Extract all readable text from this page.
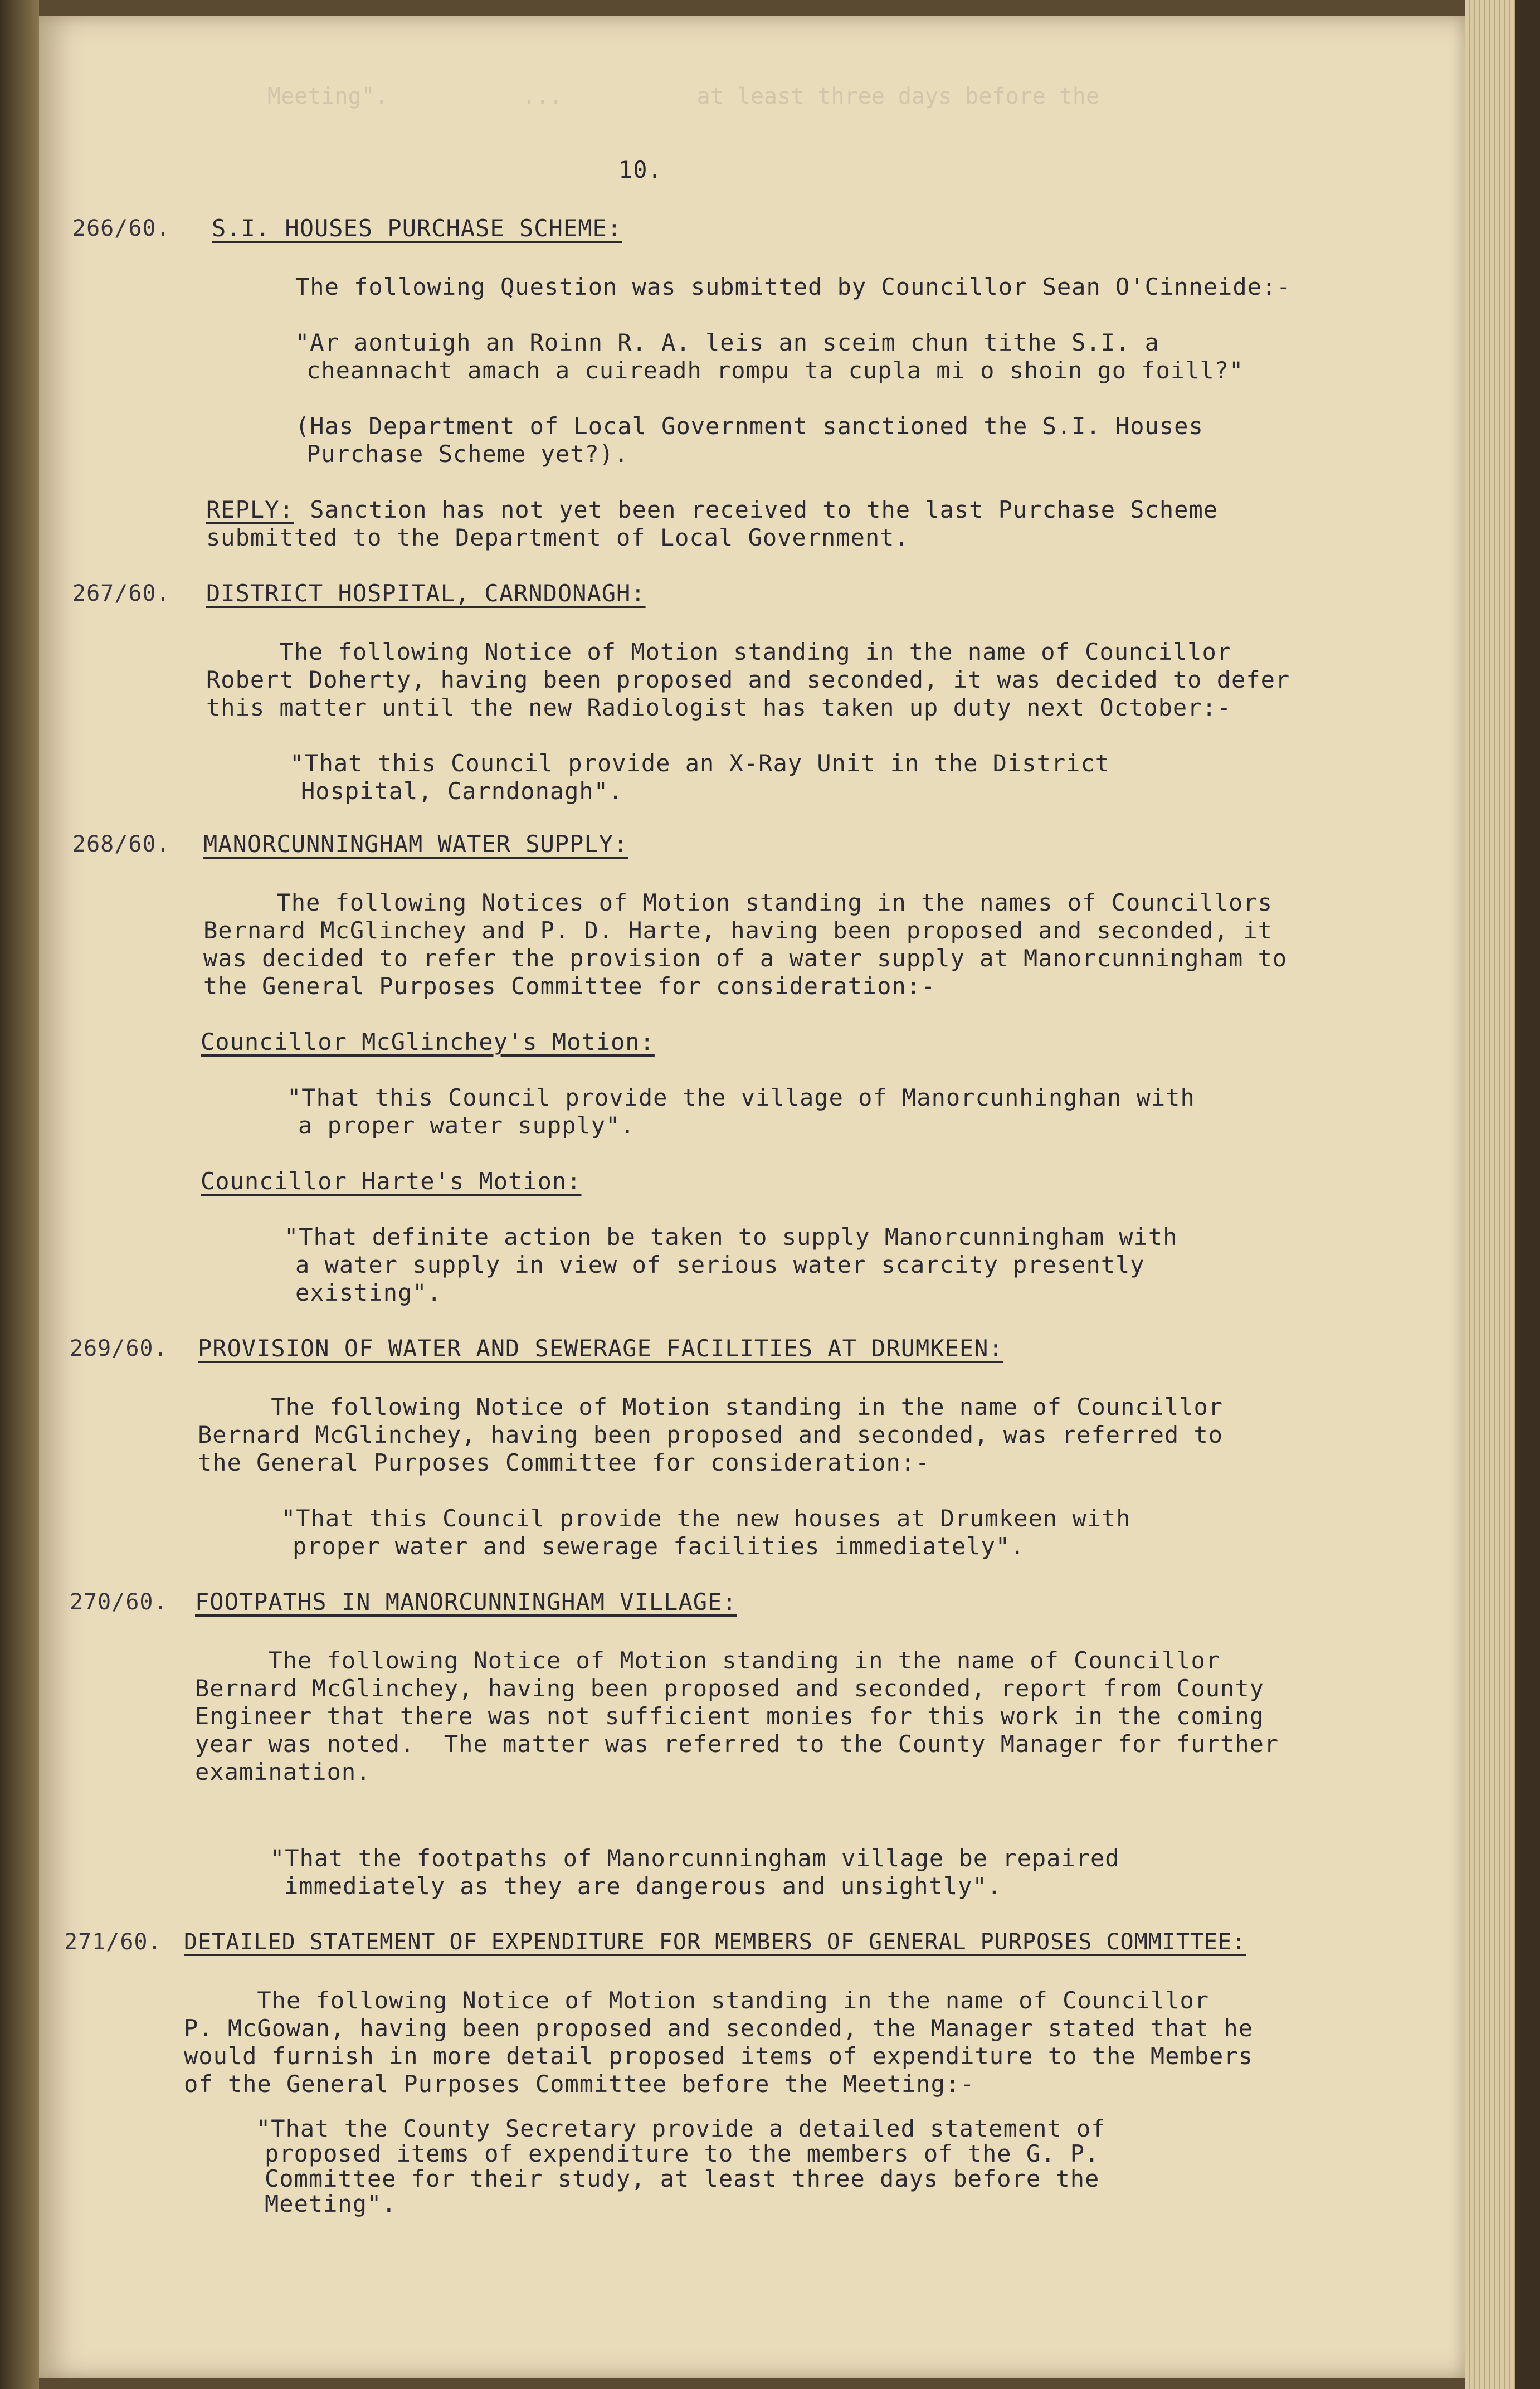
Meeting".          ...          at least three days before the
10.
266/60. S.I. HOUSES PURCHASE SCHEME:
The following Question was submitted by Councillor Sean O'Cinneide:-
"Ar aontuigh an Roinn R. A. leis an sceim chun tithe S.I. a
cheannacht amach a cuireadh rompu ta cupla mi o shoin go foill?"
(Has Department of Local Government sanctioned the S.I. Houses
Purchase Scheme yet?).
REPLY: Sanction has not yet been received to the last Purchase Scheme
submitted to the Department of Local Government.
267/60. DISTRICT HOSPITAL, CARNDONAGH:
The following Notice of Motion standing in the name of Councillor
Robert Doherty, having been proposed and seconded, it was decided to defer
this matter until the new Radiologist has taken up duty next October:-
"That this Council provide an X-Ray Unit in the District
Hospital, Carndonagh".
268/60. MANORCUNNINGHAM WATER SUPPLY:
The following Notices of Motion standing in the names of Councillors
Bernard McGlinchey and P. D. Harte, having been proposed and seconded, it
was decided to refer the provision of a water supply at Manorcunningham to
the General Purposes Committee for consideration:-
Councillor McGlinchey's Motion:
"That this Council provide the village of Manorcunhinghan with
a proper water supply".
Councillor Harte's Motion:
"That definite action be taken to supply Manorcunningham with
a water supply in view of serious water scarcity presently
existing".
269/60. PROVISION OF WATER AND SEWERAGE FACILITIES AT DRUMKEEN:
The following Notice of Motion standing in the name of Councillor
Bernard McGlinchey, having been proposed and seconded, was referred to
the General Purposes Committee for consideration:-
"That this Council provide the new houses at Drumkeen with
proper water and sewerage facilities immediately".
270/60. FOOTPATHS IN MANORCUNNINGHAM VILLAGE:
The following Notice of Motion standing in the name of Councillor
Bernard McGlinchey, having been proposed and seconded, report from County
Engineer that there was not sufficient monies for this work in the coming
year was noted.  The matter was referred to the County Manager for further
examination.
"That the footpaths of Manorcunningham village be repaired
immediately as they are dangerous and unsightly".
271/60. DETAILED STATEMENT OF EXPENDITURE FOR MEMBERS OF GENERAL PURPOSES COMMITTEE:
The following Notice of Motion standing in the name of Councillor
P. McGowan, having been proposed and seconded, the Manager stated that he
would furnish in more detail proposed items of expenditure to the Members
of the General Purposes Committee before the Meeting:-
"That the County Secretary provide a detailed statement of
proposed items of expenditure to the members of the G. P.
Committee for their study, at least three days before the
Meeting".
